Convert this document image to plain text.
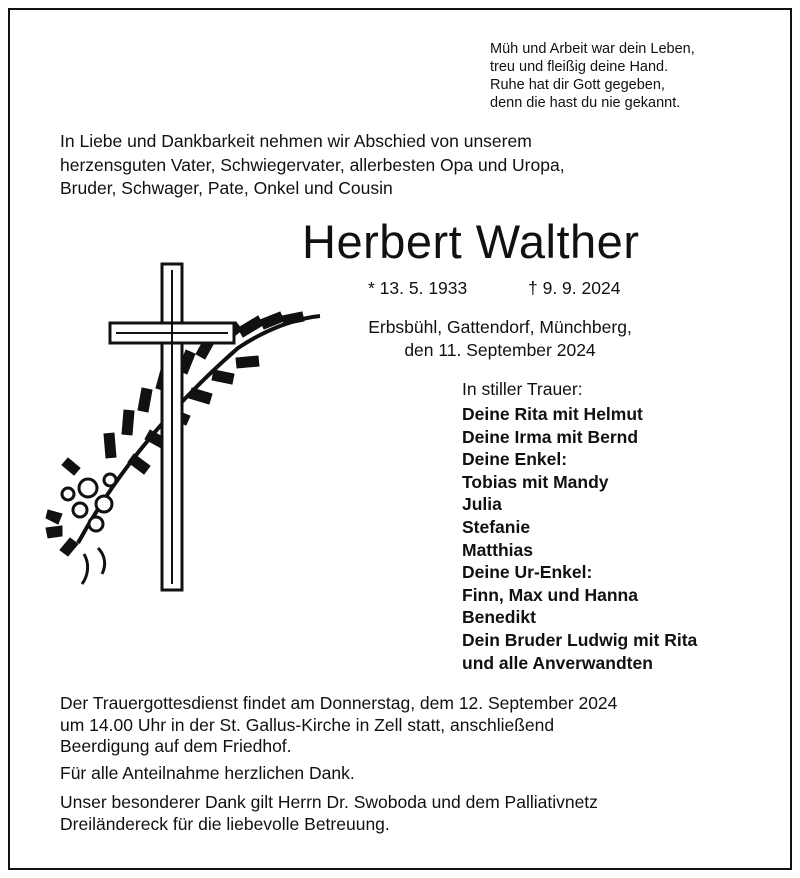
Müh und Arbeit war dein Leben,
treu und fleißig deine Hand.
Ruhe hat dir Gott gegeben,
denn die hast du nie gekannt.
In Liebe und Dankbarkeit nehmen wir Abschied von unserem
herzensguten Vater, Schwiegervater, allerbesten Opa und Uropa,
Bruder, Schwager, Pate, Onkel und Cousin
Herbert Walther
* 13. 5. 1933	† 9. 9. 2024
Erbsbühl, Gattendorf, Münchberg,
den 11. September 2024
In stiller Trauer:
Deine Rita mit Helmut
Deine Irma mit Bernd
Deine Enkel:
Tobias mit Mandy
Julia
Stefanie
Matthias
Deine Ur-Enkel:
Finn, Max und Hanna
Benedikt
Dein Bruder Ludwig mit Rita
und alle Anverwandten
Der Trauergottesdienst findet am Donnerstag, dem 12. September 2024
um 14.00 Uhr in der St. Gallus-Kirche in Zell statt, anschließend
Beerdigung auf dem Friedhof.
Für alle Anteilnahme herzlichen Dank.
Unser besonderer Dank gilt Herrn Dr. Swoboda und dem Palliativnetz
Dreiländereck für die liebevolle Betreuung.
